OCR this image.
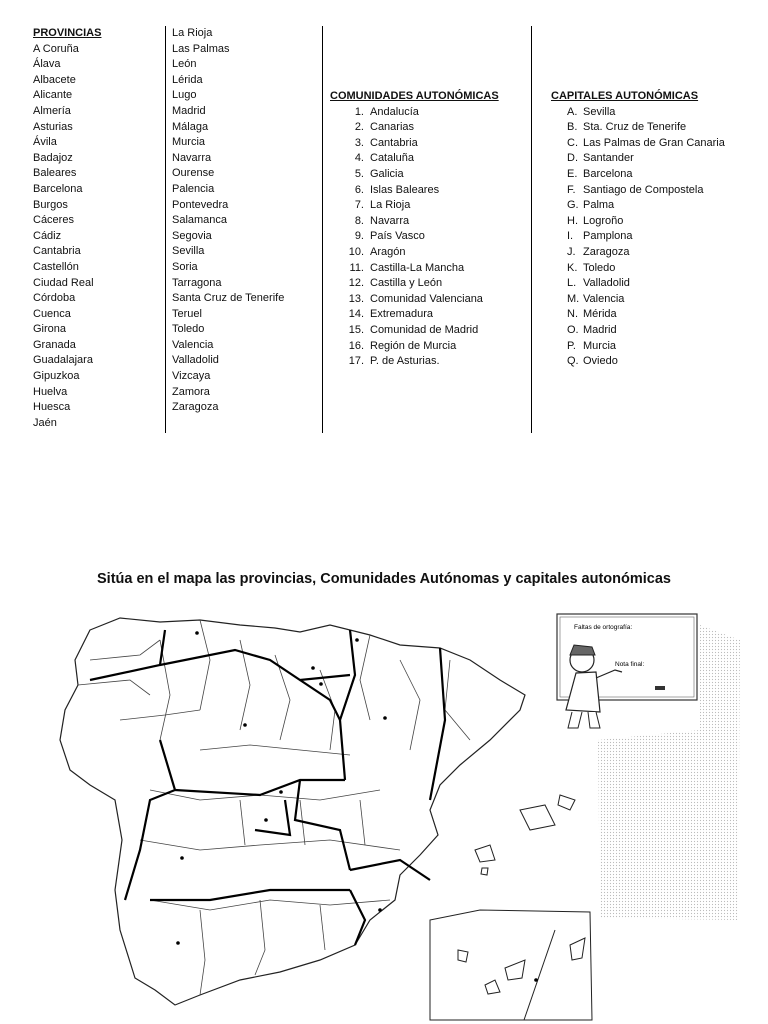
PROVINCIAS
A Coruña
Álava
Albacete
Alicante
Almería
Asturias
Ávila
Badajoz
Baleares
Barcelona
Burgos
Cáceres
Cádiz
Cantabria
Castellón
Ciudad Real
Córdoba
Cuenca
Girona
Granada
Guadalajara
Gipuzkoa
Huelva
Huesca
Jaén
La Rioja
Las Palmas
León
Lérida
Lugo
Madrid
Málaga
Murcia
Navarra
Ourense
Palencia
Pontevedra
Salamanca
Segovia
Sevilla
Soria
Tarragona
Santa Cruz de Tenerife
Teruel
Toledo
Valencia
Valladolid
Vizcaya
Zamora
Zaragoza
COMUNIDADES AUTONÓMICAS
1. Andalucía
2. Canarias
3. Cantabria
4. Cataluña
5. Galicia
6. Islas Baleares
7. La Rioja
8. Navarra
9. País Vasco
10. Aragón
11. Castilla-La Mancha
12. Castilla y León
13. Comunidad Valenciana
14. Extremadura
15. Comunidad de Madrid
16. Región de Murcia
17. P. de Asturias.
CAPITALES AUTONÓMICAS
A. Sevilla
B. Sta. Cruz de Tenerife
C. Las Palmas de Gran Canaria
D. Santander
E. Barcelona
F. Santiago de Compostela
G. Palma
H. Logroño
I. Pamplona
J. Zaragoza
K. Toledo
L. Valladolid
M. Valencia
N. Mérida
O. Madrid
P. Murcia
Q. Oviedo
Sitúa en el mapa las provincias, Comunidades Autónomas y capitales autonómicas
Faltas de ortografía:
Nota final:
